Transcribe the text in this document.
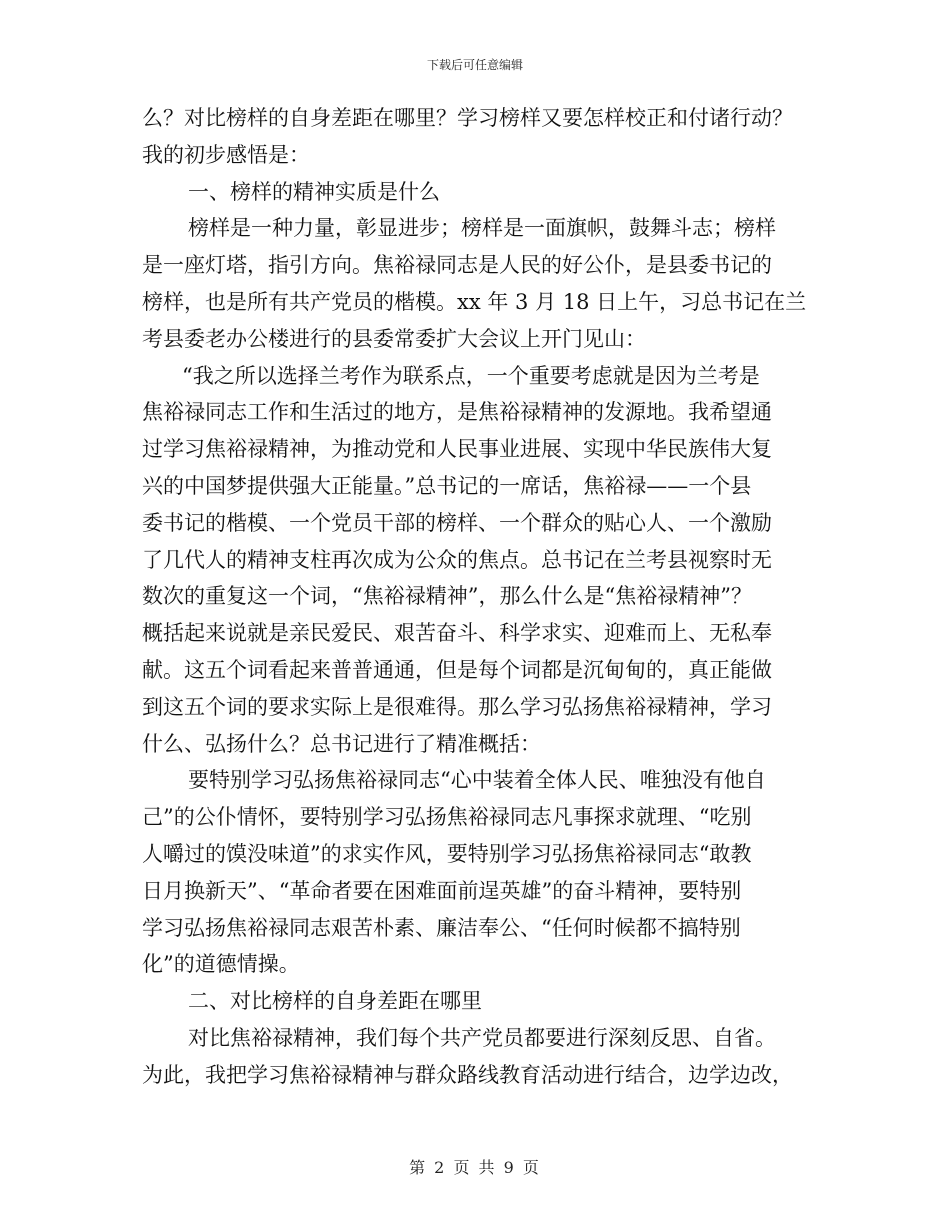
下载后可任意编辑
么？对比榜样的自身差距在哪里？学习榜样又要怎样校正和付诸行动？
我的初步感悟是：
一、榜样的精神实质是什么
榜样是一种力量，彰显进步；榜样是一面旗帜，鼓舞斗志；榜样
是一座灯塔，指引方向。焦裕禄同志是人民的好公仆，是县委书记的
榜样，也是所有共产党员的楷模。xx 年 3 月 18 日上午，习总书记在兰
考县委老办公楼进行的县委常委扩大会议上开门见山：
“我之所以选择兰考作为联系点，一个重要考虑就是因为兰考是
焦裕禄同志工作和生活过的地方，是焦裕禄精神的发源地。我希望通
过学习焦裕禄精神，为推动党和人民事业进展、实现中华民族伟大复
兴的中国梦提供强大正能量。”总书记的一席话，焦裕禄——一个县
委书记的楷模、一个党员干部的榜样、一个群众的贴心人、一个激励
了几代人的精神支柱再次成为公众的焦点。总书记在兰考县视察时无
数次的重复这一个词，“焦裕禄精神”，那么什么是“焦裕禄精神”？
概括起来说就是亲民爱民、艰苦奋斗、科学求实、迎难而上、无私奉
献。这五个词看起来普普通通，但是每个词都是沉甸甸的，真正能做
到这五个词的要求实际上是很难得。那么学习弘扬焦裕禄精神，学习
什么、弘扬什么？总书记进行了精准概括：
要特别学习弘扬焦裕禄同志“心中装着全体人民、唯独没有他自
己”的公仆情怀，要特别学习弘扬焦裕禄同志凡事探求就理、“吃别
人嚼过的馍没味道”的求实作风，要特别学习弘扬焦裕禄同志“敢教
日月换新天”、“革命者要在困难面前逞英雄”的奋斗精神，要特别
学习弘扬焦裕禄同志艰苦朴素、廉洁奉公、“任何时候都不搞特别
化”的道德情操。
二、对比榜样的自身差距在哪里
对比焦裕禄精神，我们每个共产党员都要进行深刻反思、自省。
为此，我把学习焦裕禄精神与群众路线教育活动进行结合，边学边改，
第 2 页 共 9 页
